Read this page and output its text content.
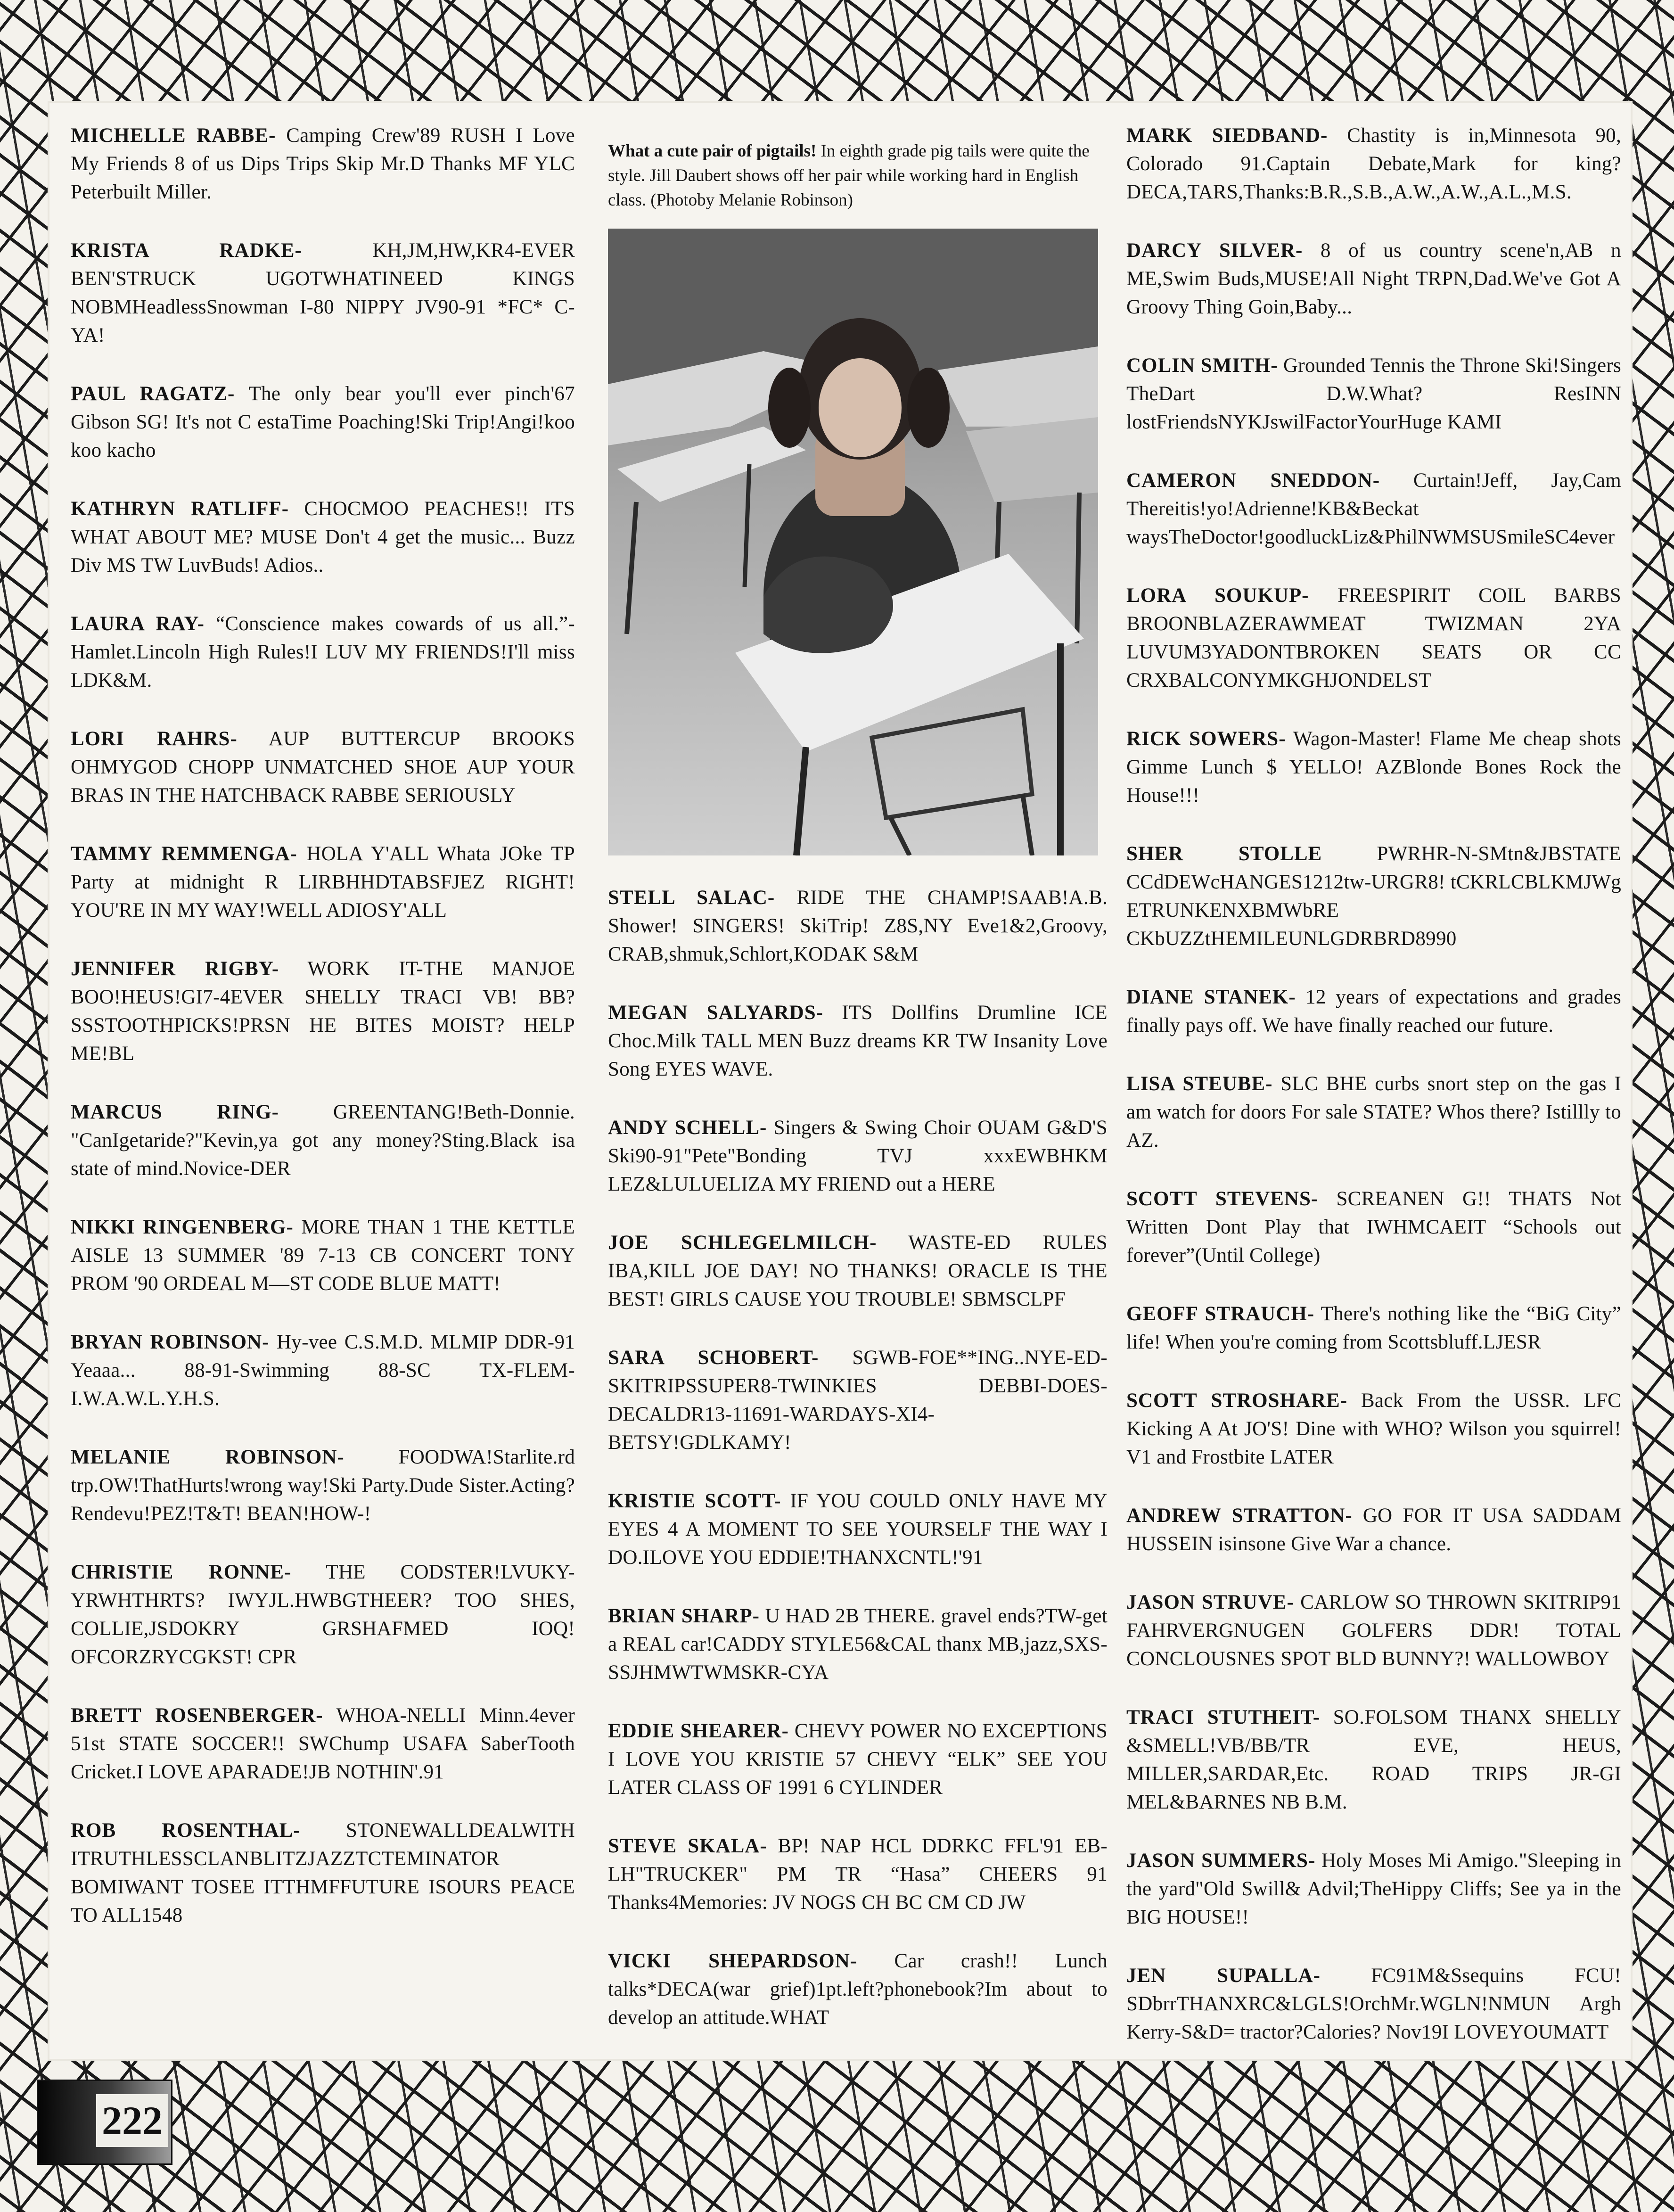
MICHELLE RABBE- Camping Crew'89 RUSH I Love My Friends 8 of us Dips Trips Skip Mr.D Thanks MF YLC Peterbuilt Miller.

KRISTA RADKE-	KH,JM,HW,KR4-EVER BEN'STRUCK UGOTWHATINEED KINGS NOBMHeadlessSnowman I-80 NIPPY JV90-91 *FC* C-YA!

PAUL RAGATZ- The only bear you'll ever pinch'67 Gibson SG! It's not C estaTime Poaching!Ski Trip!Angi!koo koo kacho

KATHRYN RATLIFF- CHOCMOO PEACHES!! ITS WHAT ABOUT ME? MUSE Don't 4 get the music... Buzz Div MS TW LuvBuds! Adios..

LAURA RAY- “Conscience makes cowards of us all.”-Hamlet.Lincoln High Rules!I LUV MY FRIENDS!I'll miss LDK&M.

LORI RAHRS- AUP BUTTERCUP BROOKS OHMYGOD CHOPP UNMATCHED SHOE AUP YOUR BRAS IN THE HATCHBACK RABBE SERIOUSLY

TAMMY REMMENGA- HOLA Y'ALL Whata JOke TP Party at midnight R LIRBHHDTABSFJEZ RIGHT! YOU'RE IN MY WAY!WELL ADIOSY'ALL

JENNIFER RIGBY- WORK IT-THE MANJOE BOO!HEUS!GI7-4EVER SHELLY TRACI VB! BB?SSSTOOTHPICKS!PRSN HE BITES MOIST? HELP ME!BL

MARCUS RING-	GREENTANG!Beth-Donnie. "CanIgetaride?"Kevin,ya got any money?Sting.Black isa state of mind.Novice-DER

NIKKI RINGENBERG- MORE THAN 1 THE KETTLE AISLE 13 SUMMER '89 7-13 CB CONCERT TONY PROM '90 ORDEAL M—ST CODE BLUE MATT!

BRYAN ROBINSON- Hy-vee C.S.M.D. MLMIP DDR-91 Yeaaa... 88-91-Swimming 88-SC TX-FLEM-I.W.A.W.L.Y.H.S.

MELANIE ROBINSON-	FOODWA!Starlite.rd trp.OW!ThatHurts!wrong way!Ski Party.Dude Sister.Acting?Rendevu!PEZ!T&T! BEAN!HOW-!

CHRISTIE RONNE- THE CODSTER!LVUKY-YRWHTHRTS? IWYJL.HWBGTHEER? TOO SHES, COLLIE,JSDOKRY GRSHAFMED IOQ! OFCORZRYCGKST! CPR

BRETT ROSENBERGER- WHOA-NELLI Minn.4ever 51st STATE SOCCER!! SWChump USAFA SaberTooth Cricket.I LOVE APARADE!JB NOTHIN'.91

ROB ROSENTHAL- STONEWALLDEALWITH ITRUTHLESSCLANBLITZJAZZTCTEMINATOR BOMIWANT TOSEE ITTHMFFUTURE ISOURS PEACE TO ALL1548

What a cute pair of pigtails! In eighth grade pig tails were quite the style. Jill Daubert shows off her pair while working hard in English class. (Photoby Melanie Robinson)

STELL SALAC- RIDE THE CHAMP!SAAB!A.B. Shower! SINGERS! SkiTrip! Z8S,NY Eve1&2,Groovy, CRAB,shmuk,Schlort,KODAK S&M

MEGAN SALYARDS- ITS Dollfins Drumline ICE Choc.Milk TALL MEN Buzz dreams KR TW Insanity Love Song EYES WAVE.

ANDY SCHELL- Singers & Swing Choir OUAM G&D'S Ski90-91"Pete"Bonding TVJ xxxEWBHKM LEZ&LULUELIZA MY FRIEND out a HERE

JOE SCHLEGELMILCH- WASTE-ED RULES IBA,KILL JOE DAY! NO THANKS! ORACLE IS THE BEST! GIRLS CAUSE YOU TROUBLE! SBMSCLPF

SARA SCHOBERT- SGWB-FOE**ING..NYE-ED-SKITRIPSSUPER8-TWINKIES DEBBI-DOES-DECALDR13-11691-WARDAYS-XI4-BETSY!GDLKAMY!

KRISTIE SCOTT- IF YOU COULD ONLY HAVE MY EYES 4 A MOMENT TO SEE YOURSELF THE WAY I DO.ILOVE YOU EDDIE!THANXCNTL!'91

BRIAN SHARP- U HAD 2B THERE. gravel ends?TW-get a REAL car!CADDY STYLE56&CAL thanx MB,jazz,SXS-SSJHMWTWMSKR-CYA

EDDIE SHEARER- CHEVY POWER NO EXCEPTIONS I LOVE YOU KRISTIE 57 CHEVY “ELK” SEE YOU LATER CLASS OF 1991 6 CYLINDER

STEVE SKALA- BP! NAP HCL DDRKC FFL'91 EB-LH"TRUCKER" PM TR “Hasa” CHEERS 91 Thanks4Memories: JV NOGS CH BC CM CD JW

VICKI SHEPARDSON- Car crash!! Lunch talks*DECA(war grief)1pt.left?phonebook?Im about to develop an attitude.WHAT

MARK SIEDBAND- Chastity is in,Minnesota 90, Colorado 91.Captain Debate,Mark for king? DECA,TARS,Thanks:B.R.,S.B.,A.W.,A.W.,A.L.,M.S.

DARCY SILVER- 8 of us country scene'n,AB n ME,Swim Buds,MUSE!All Night TRPN,Dad.We've Got A Groovy Thing Goin,Baby...

COLIN SMITH- Grounded Tennis the Throne Ski!Singers TheDart D.W.What? ResINN lostFriendsNYKJswilFactorYourHuge KAMI

CAMERON SNEDDON- Curtain!Jeff, Jay,Cam Thereitis!yo!Adrienne!KB&Beckat waysTheDoctor!goodluckLiz&PhilNWMSUSmileSC4ever

LORA SOUKUP- FREESPIRIT COIL BARBS BROONBLAZERAWMEAT TWIZMAN 2YA LUVUM3YADONTBROKEN SEATS OR CC CRXBALCONYMKGHJONDELST

RICK SOWERS- Wagon-Master! Flame Me cheap shots Gimme Lunch $ YELLO! AZBlonde Bones Rock the House!!!

SHER STOLLE	PWRHR-N-SMtn&JBSTATE CCdDEWcHANGES1212tw-URGR8! tCKRLCBLKMJWg ETRUNKENXBMWbRE CKbUZZtHEMILEUNLGDRBRD8990

DIANE STANEK- 12 years of expectations and grades finally pays off. We have finally reached our future.

LISA STEUBE- SLC BHE curbs snort step on the gas I am watch for doors For sale STATE? Whos there? Istillly to AZ.

SCOTT STEVENS- SCREANEN G!! THATS Not Written Dont Play that IWHMCAEIT “Schools out forever”(Until College)

GEOFF STRAUCH- There's nothing like the “BiG City” life! When you're coming from Scottsbluff.LJESR

SCOTT STROSHARE- Back From the USSR. LFC Kicking A At JO'S! Dine with WHO? Wilson you squirrel! V1 and Frostbite LATER

ANDREW STRATTON- GO FOR IT USA SADDAM HUSSEIN isinsone Give War a chance.

JASON STRUVE- CARLOW SO THROWN SKITRIP91 FAHRVERGNUGEN GOLFERS DDR! TOTAL CONCLOUSNES SPOT BLD BUNNY?! WALLOWBOY

TRACI STUTHEIT- SO.FOLSOM THANX SHELLY &SMELL!VB/BB/TR EVE, HEUS, MILLER,SARDAR,Etc. ROAD TRIPS JR-GI MEL&BARNES NB B.M.

JASON SUMMERS- Holy Moses Mi Amigo."Sleeping in the yard"Old Swill& Advil;TheHippy Cliffs; See ya in the BIG HOUSE!!

JEN SUPALLA- FC91M&Ssequins FCU! SDbrrTHANXRC&LGLS!OrchMr.WGLN!NMUN Argh Kerry-S&D= tractor?Calories? Nov19I LOVEYOUMATT

222
